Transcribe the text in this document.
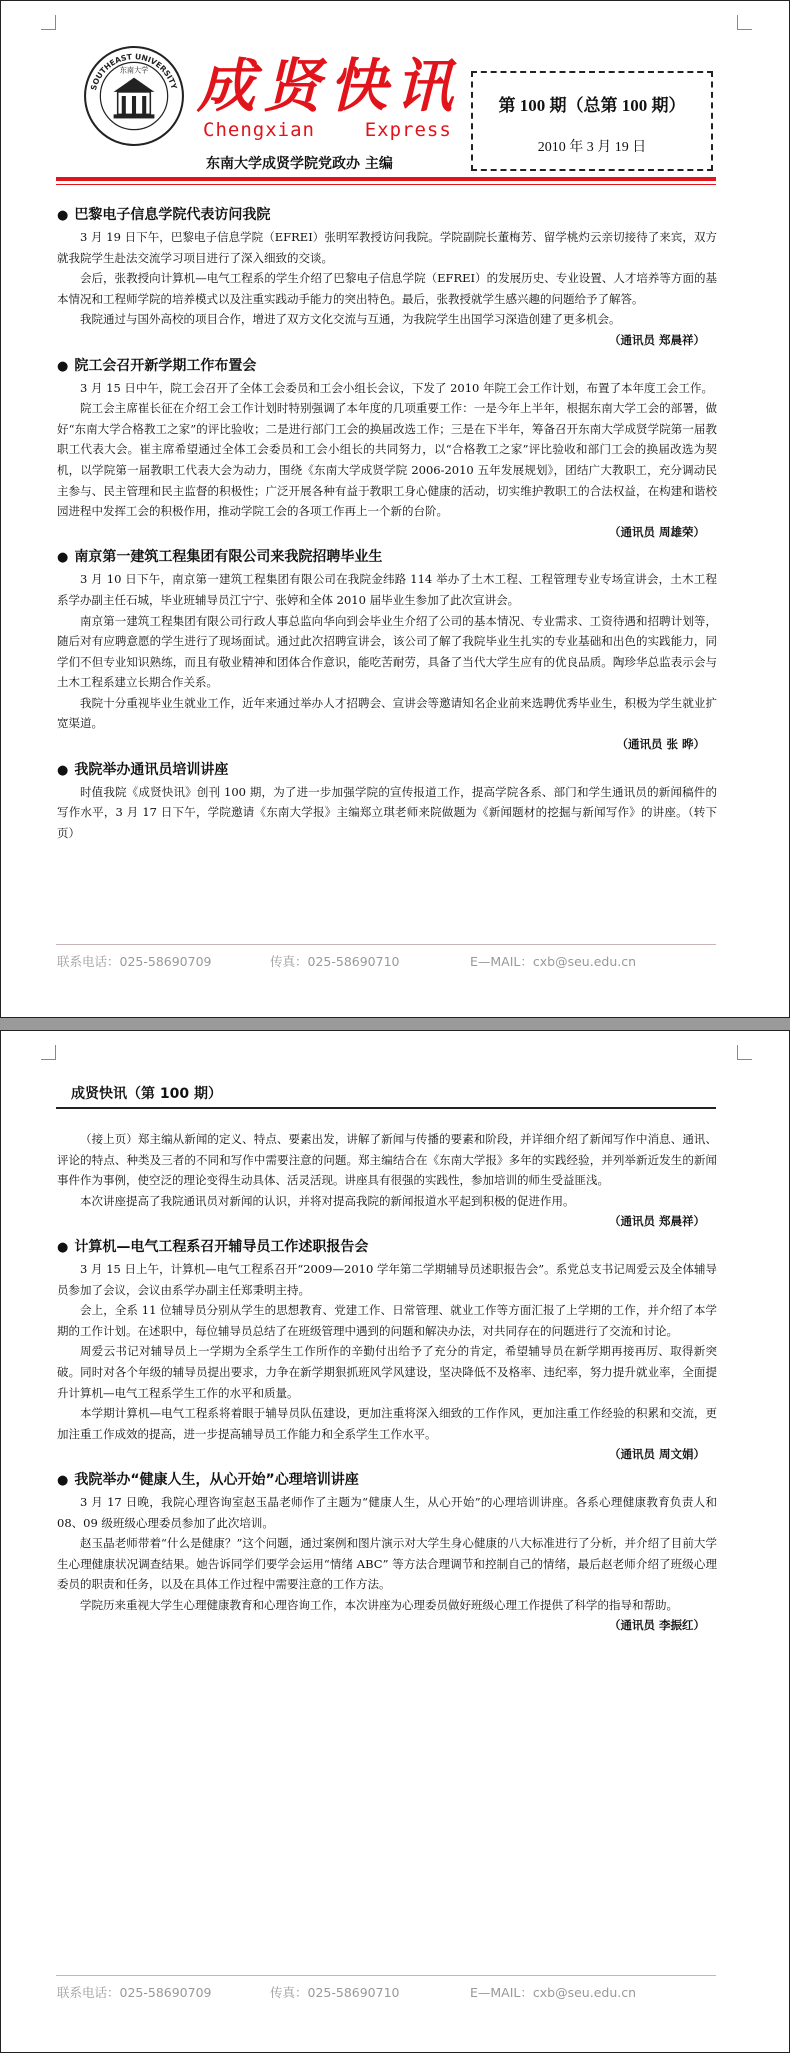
SOUTHEAST UNIVERSITY
东南大学 成贤快讯
Chengxian    Express
东南大学成贤学院党政办 主编
第 100 期（总第 100 期）
2010 年 3 月 19 日
● 巴黎电子信息学院代表访问我院

3 月 19 日下午，巴黎电子信息学院（EFREI）张明军教授访问我院。学院副院长董梅芳、留学桃灼云亲切接待了来宾，双方就我院学生赴法交流学习项目进行了深入细致的交谈。

会后，张教授向计算机—电气工程系的学生介绍了巴黎电子信息学院（EFREI）的发展历史、专业设置、人才培养等方面的基本情况和工程师学院的培养模式以及注重实践动手能力的突出特色。最后，张教授就学生感兴趣的问题给予了解答。

我院通过与国外高校的项目合作，增进了双方文化交流与互通，为我院学生出国学习深造创建了更多机会。

（通讯员 郑晨祥）

● 院工会召开新学期工作布置会

3 月 15 日中午，院工会召开了全体工会委员和工会小组长会议，下发了 2010 年院工会工作计划，布置了本年度工会工作。

院工会主席崔长征在介绍工会工作计划时特别强调了本年度的几项重要工作：一是今年上半年，根据东南大学工会的部署，做好“东南大学合格教工之家”的评比验收；二是进行部门工会的换届改选工作；三是在下半年，筹备召开东南大学成贤学院第一届教职工代表大会。崔主席希望通过全体工会委员和工会小组长的共同努力，以“合格教工之家”评比验收和部门工会的换届改选为契机，以学院第一届教职工代表大会为动力，围绕《东南大学成贤学院 2006-2010 五年发展规划》，团结广大教职工，充分调动民主参与、民主管理和民主监督的积极性；广泛开展各种有益于教职工身心健康的活动，切实维护教职工的合法权益，在构建和谐校园进程中发挥工会的积极作用，推动学院工会的各项工作再上一个新的台阶。

（通讯员 周雄荣）

● 南京第一建筑工程集团有限公司来我院招聘毕业生

3 月 10 日下午，南京第一建筑工程集团有限公司在我院金纬路 114 举办了土木工程、工程管理专业专场宣讲会，土木工程系学办副主任石城，毕业班辅导员江宁宁、张婷和全体 2010 届毕业生参加了此次宣讲会。

南京第一建筑工程集团有限公司行政人事总监向华向到会毕业生介绍了公司的基本情况、专业需求、工资待遇和招聘计划等，随后对有应聘意愿的学生进行了现场面试。通过此次招聘宣讲会，该公司了解了我院毕业生扎实的专业基础和出色的实践能力，同学们不但专业知识熟练，而且有敬业精神和团体合作意识，能吃苦耐劳，具备了当代大学生应有的优良品质。陶珍华总监表示会与土木工程系建立长期合作关系。

我院十分重视毕业生就业工作，近年来通过举办人才招聘会、宣讲会等邀请知名企业前来选聘优秀毕业生，积极为学生就业扩宽渠道。

（通讯员 张 晔）

● 我院举办通讯员培训讲座

时值我院《成贤快讯》创刊 100 期，为了进一步加强学院的宣传报道工作，提高学院各系、部门和学生通讯员的新闻稿件的写作水平，3 月 17 日下午，学院邀请《东南大学报》主编郑立琪老师来院做题为《新闻题材的挖掘与新闻写作》的讲座。（转下页）

联系电话：025-58690709	传真：025-58690710	E—MAIL：cxb@seu.edu.cn
成贤快讯（第 100 期）

（接上页）郑主编从新闻的定义、特点、要素出发，讲解了新闻与传播的要素和阶段，并详细介绍了新闻写作中消息、通讯、评论的特点、种类及三者的不同和写作中需要注意的问题。郑主编结合在《东南大学报》多年的实践经验，并列举新近发生的新闻事件作为事例，使空泛的理论变得生动具体、活灵活现。讲座具有很强的实践性，参加培训的师生受益匪浅。

本次讲座提高了我院通讯员对新闻的认识，并将对提高我院的新闻报道水平起到积极的促进作用。

（通讯员 郑晨祥）

● 计算机—电气工程系召开辅导员工作述职报告会

3 月 15 日上午，计算机—电气工程系召开“2009—2010 学年第二学期辅导员述职报告会”。系党总支书记周爱云及全体辅导员参加了会议，会议由系学办副主任郑秉明主持。

会上，全系 11 位辅导员分别从学生的思想教育、党建工作、日常管理、就业工作等方面汇报了上学期的工作，并介绍了本学期的工作计划。在述职中，每位辅导员总结了在班级管理中遇到的问题和解决办法，对共同存在的问题进行了交流和讨论。

周爱云书记对辅导员上一学期为全系学生工作所作的辛勤付出给予了充分的肯定，希望辅导员在新学期再接再厉、取得新突破。同时对各个年级的辅导员提出要求，力争在新学期狠抓班风学风建设，坚决降低不及格率、违纪率，努力提升就业率，全面提升计算机—电气工程系学生工作的水平和质量。

本学期计算机—电气工程系将着眼于辅导员队伍建设，更加注重将深入细致的工作作风，更加注重工作经验的积累和交流，更加注重工作成效的提高，进一步提高辅导员工作能力和全系学生工作水平。

（通讯员 周文娟）

● 我院举办“健康人生，从心开始”心理培训讲座

3 月 17 日晚，我院心理咨询室赵玉晶老师作了主题为“健康人生，从心开始”的心理培训讲座。各系心理健康教育负责人和 08、09 级班级心理委员参加了此次培训。

赵玉晶老师带着“什么是健康？”这个问题，通过案例和图片演示对大学生身心健康的八大标准进行了分析，并介绍了目前大学生心理健康状况调查结果。她告诉同学们要学会运用“情绪 ABC” 等方法合理调节和控制自己的情绪，最后赵老师介绍了班级心理委员的职责和任务，以及在具体工作过程中需要注意的工作方法。

学院历来重视大学生心理健康教育和心理咨询工作，本次讲座为心理委员做好班级心理工作提供了科学的指导和帮助。

（通讯员 李振红）

联系电话：025-58690709	传真：025-58690710	E—MAIL：cxb@seu.edu.cn
